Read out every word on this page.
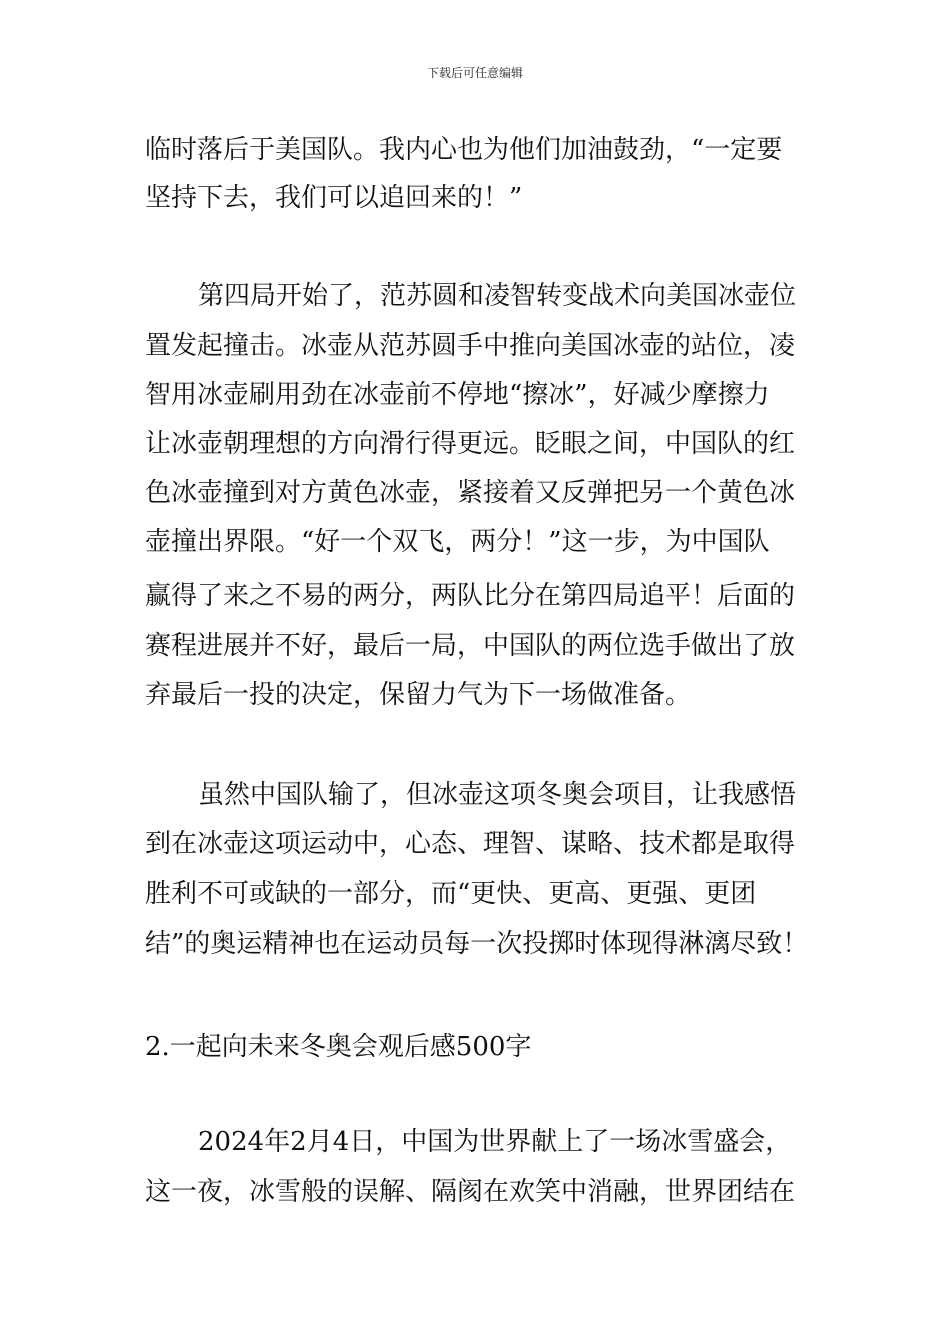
下载后可任意编辑
临时落后于美国队。我内心也为他们加油鼓劲，“一定要
坚持下去，我们可以追回来的！”
第四局开始了，范苏圆和凌智转变战术向美国冰壶位
置发起撞击。冰壶从范苏圆手中推向美国冰壶的站位，凌
智用冰壶刷用劲在冰壶前不停地“擦冰”，好减少摩擦力
让冰壶朝理想的方向滑行得更远。眨眼之间，中国队的红
色冰壶撞到对方黄色冰壶，紧接着又反弹把另一个黄色冰
壶撞出界限。“好一个双飞，两分！”这一步，为中国队
赢得了来之不易的两分，两队比分在第四局追平！后面的
赛程进展并不好，最后一局，中国队的两位选手做出了放
弃最后一投的决定，保留力气为下一场做准备。
虽然中国队输了，但冰壶这项冬奥会项目，让我感悟
到在冰壶这项运动中，心态、理智、谋略、技术都是取得
胜利不可或缺的一部分，而“更快、更高、更强、更团
结”的奥运精神也在运动员每一次投掷时体现得淋漓尽致！
2.一起向未来冬奥会观后感500字
2024年2月4日，中国为世界献上了一场冰雪盛会，
这一夜，冰雪般的误解、隔阂在欢笑中消融，世界团结在
